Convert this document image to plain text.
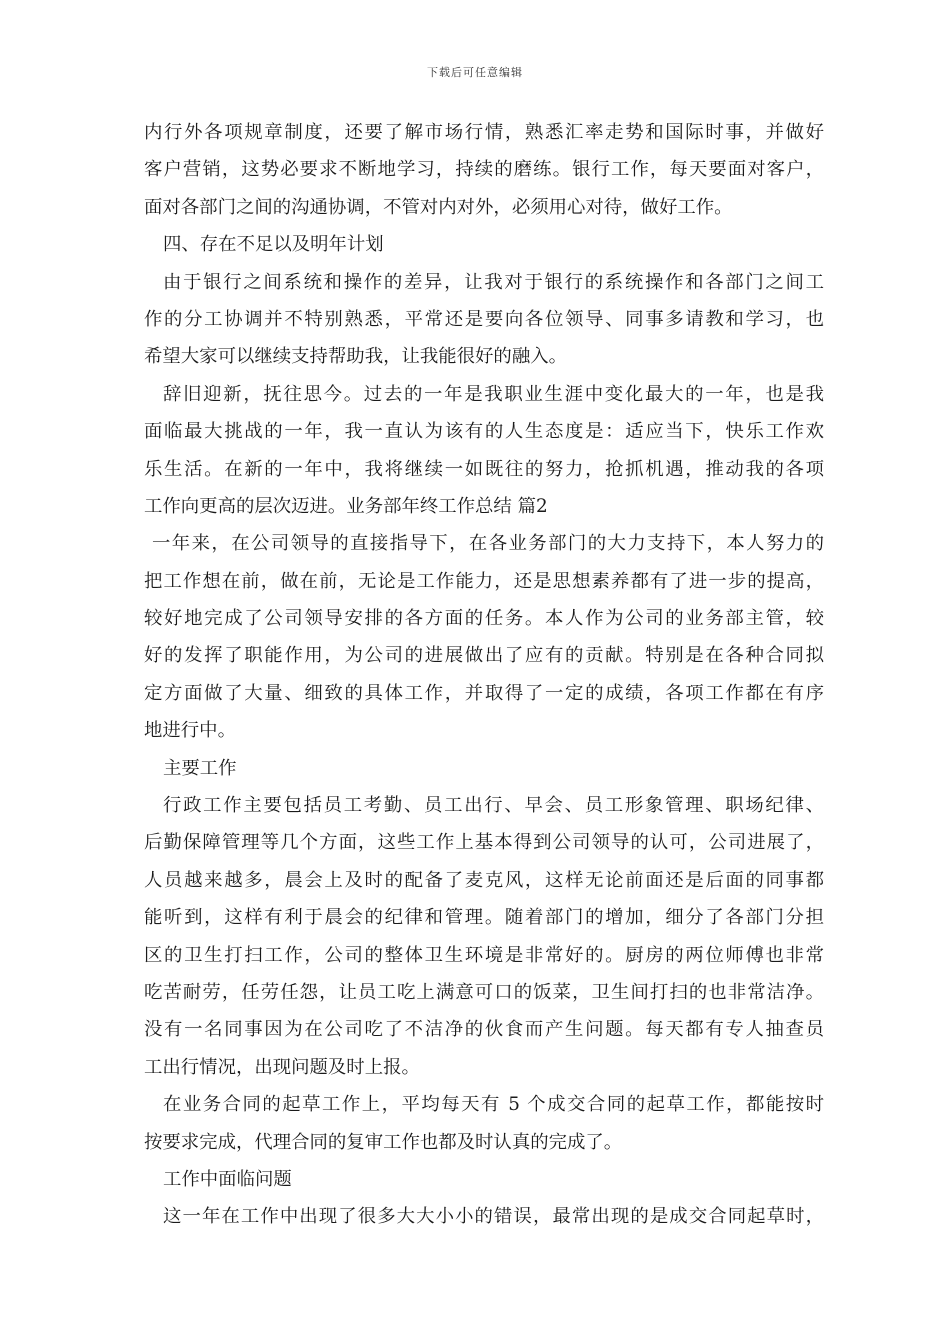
下载后可任意编辑
内行外各项规章制度，还要了解市场行情，熟悉汇率走势和国际时事，并做好
客户营销，这势必要求不断地学习，持续的磨练。银行工作，每天要面对客户，
面对各部门之间的沟通协调，不管对内对外，必须用心对待，做好工作。
四、存在不足以及明年计划
由于银行之间系统和操作的差异，让我对于银行的系统操作和各部门之间工
作的分工协调并不特别熟悉，平常还是要向各位领导、同事多请教和学习，也
希望大家可以继续支持帮助我，让我能很好的融入。
辞旧迎新，抚往思今。过去的一年是我职业生涯中变化最大的一年，也是我
面临最大挑战的一年，我一直认为该有的人生态度是：适应当下，快乐工作欢
乐生活。在新的一年中，我将继续一如既往的努力，抢抓机遇，推动我的各项
工作向更高的层次迈进。业务部年终工作总结 篇2
一年来，在公司领导的直接指导下，在各业务部门的大力支持下，本人努力的
把工作想在前，做在前，无论是工作能力，还是思想素养都有了进一步的提高，
较好地完成了公司领导安排的各方面的任务。本人作为公司的业务部主管，较
好的发挥了职能作用，为公司的进展做出了应有的贡献。特别是在各种合同拟
定方面做了大量、细致的具体工作，并取得了一定的成绩，各项工作都在有序
地进行中。
主要工作
行政工作主要包括员工考勤、员工出行、早会、员工形象管理、职场纪律、
后勤保障管理等几个方面，这些工作上基本得到公司领导的认可，公司进展了，
人员越来越多，晨会上及时的配备了麦克风，这样无论前面还是后面的同事都
能听到，这样有利于晨会的纪律和管理。随着部门的增加，细分了各部门分担
区的卫生打扫工作，公司的整体卫生环境是非常好的。厨房的两位师傅也非常
吃苦耐劳，任劳任怨，让员工吃上满意可口的饭菜，卫生间打扫的也非常洁净。
没有一名同事因为在公司吃了不洁净的伙食而产生问题。每天都有专人抽查员
工出行情况，出现问题及时上报。
在业务合同的起草工作上，平均每天有 5 个成交合同的起草工作，都能按时
按要求完成，代理合同的复审工作也都及时认真的完成了。
工作中面临问题
这一年在工作中出现了很多大大小小的错误，最常出现的是成交合同起草时，
